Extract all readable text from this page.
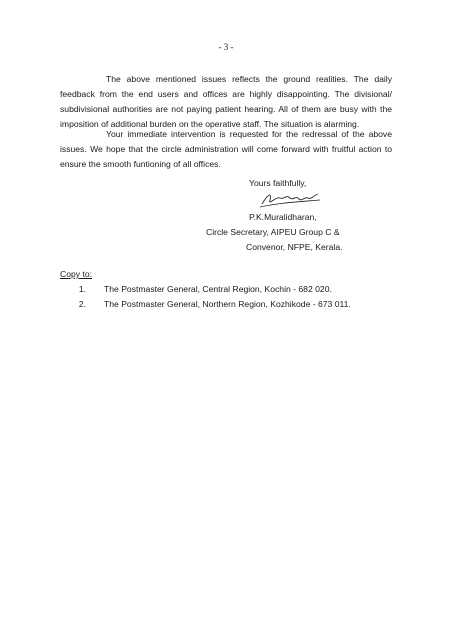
- 3 -

The above mentioned issues reflects the ground realities. The daily feedback from the end users and offices are highly disappointing. The divisional/ subdivisional authorities are not paying patient hearing. All of them are busy with the imposition of additional burden on the operative staff. The situation is alarming.

Your immediate intervention is requested for the redressal of the above issues. We hope that the circle administration will come forward with fruitful action to ensure the smooth funtioning of all offices.

Yours faithfully,
P.K.Muralidharan,
Circle Secretary, AIPEU Group C &
Convenor, NFPE, Kerala.
Copy to:
1.	The Postmaster General, Central Region, Kochin - 682 020.
2.	The Postmaster General, Northern Region, Kozhikode - 673 011.
